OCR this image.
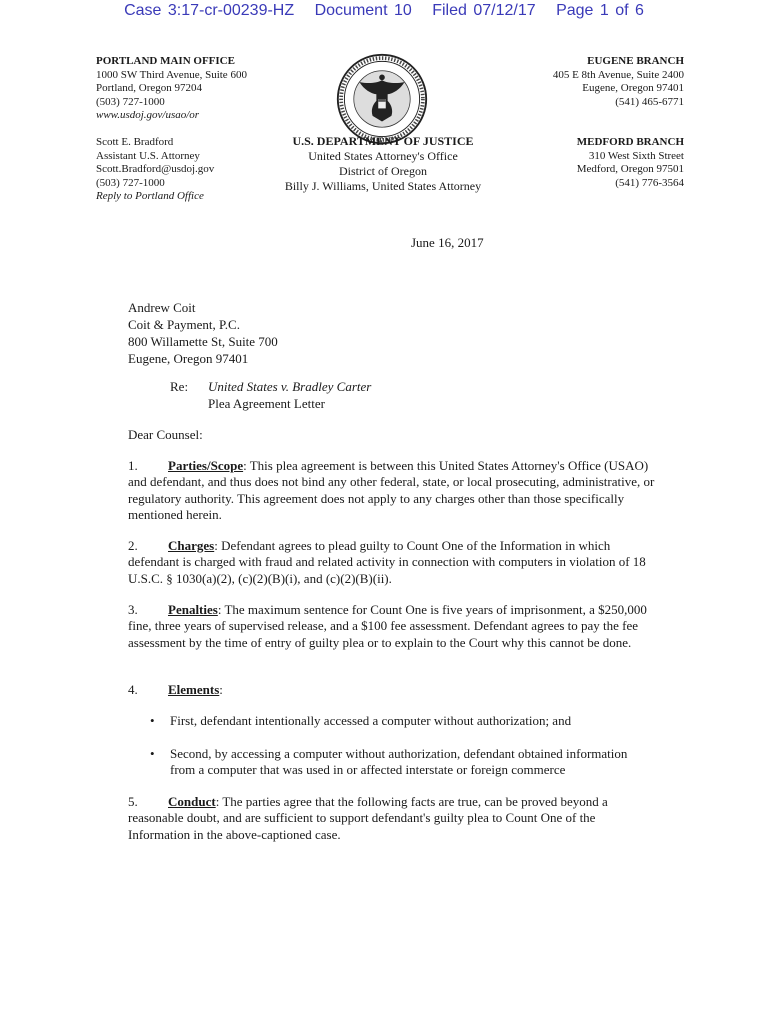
Case 3:17-cr-00239-HZ Document 10 Filed 07/12/17 Page 1 of 6
PORTLAND MAIN OFFICE
1000 SW Third Avenue, Suite 600
Portland, Oregon 97204
(503) 727-1000
www.usdoj.gov/usao/or
Scott E. Bradford
Assistant U.S. Attorney
Scott.Bradford@usdoj.gov
(503) 727-1000
Reply to Portland Office
U.S. DEPARTMENT OF JUSTICE
United States Attorney's Office
District of Oregon
Billy J. Williams, United States Attorney
EUGENE BRANCH
405 E 8th Avenue, Suite 2400
Eugene, Oregon 97401
(541) 465-6771
MEDFORD BRANCH
310 West Sixth Street
Medford, Oregon 97501
(541) 776-3564
June 16, 2017
Andrew Coit
Coit & Payment, P.C.
800 Willamette St, Suite 700
Eugene, Oregon 97401
Re: United States v. Bradley Carter
Plea Agreement Letter
Dear Counsel:
1. Parties/Scope: This plea agreement is between this United States Attorney's Office (USAO) and defendant, and thus does not bind any other federal, state, or local prosecuting, administrative, or regulatory authority. This agreement does not apply to any charges other than those specifically mentioned herein.
2. Charges: Defendant agrees to plead guilty to Count One of the Information in which defendant is charged with fraud and related activity in connection with computers in violation of 18 U.S.C. § 1030(a)(2), (c)(2)(B)(i), and (c)(2)(B)(ii).
3. Penalties: The maximum sentence for Count One is five years of imprisonment, a $250,000 fine, three years of supervised release, and a $100 fee assessment. Defendant agrees to pay the fee assessment by the time of entry of guilty plea or to explain to the Court why this cannot be done.
4. Elements:
• First, defendant intentionally accessed a computer without authorization; and
• Second, by accessing a computer without authorization, defendant obtained information from a computer that was used in or affected interstate or foreign commerce
5. Conduct: The parties agree that the following facts are true, can be proved beyond a reasonable doubt, and are sufficient to support defendant's guilty plea to Count One of the Information in the above-captioned case.
